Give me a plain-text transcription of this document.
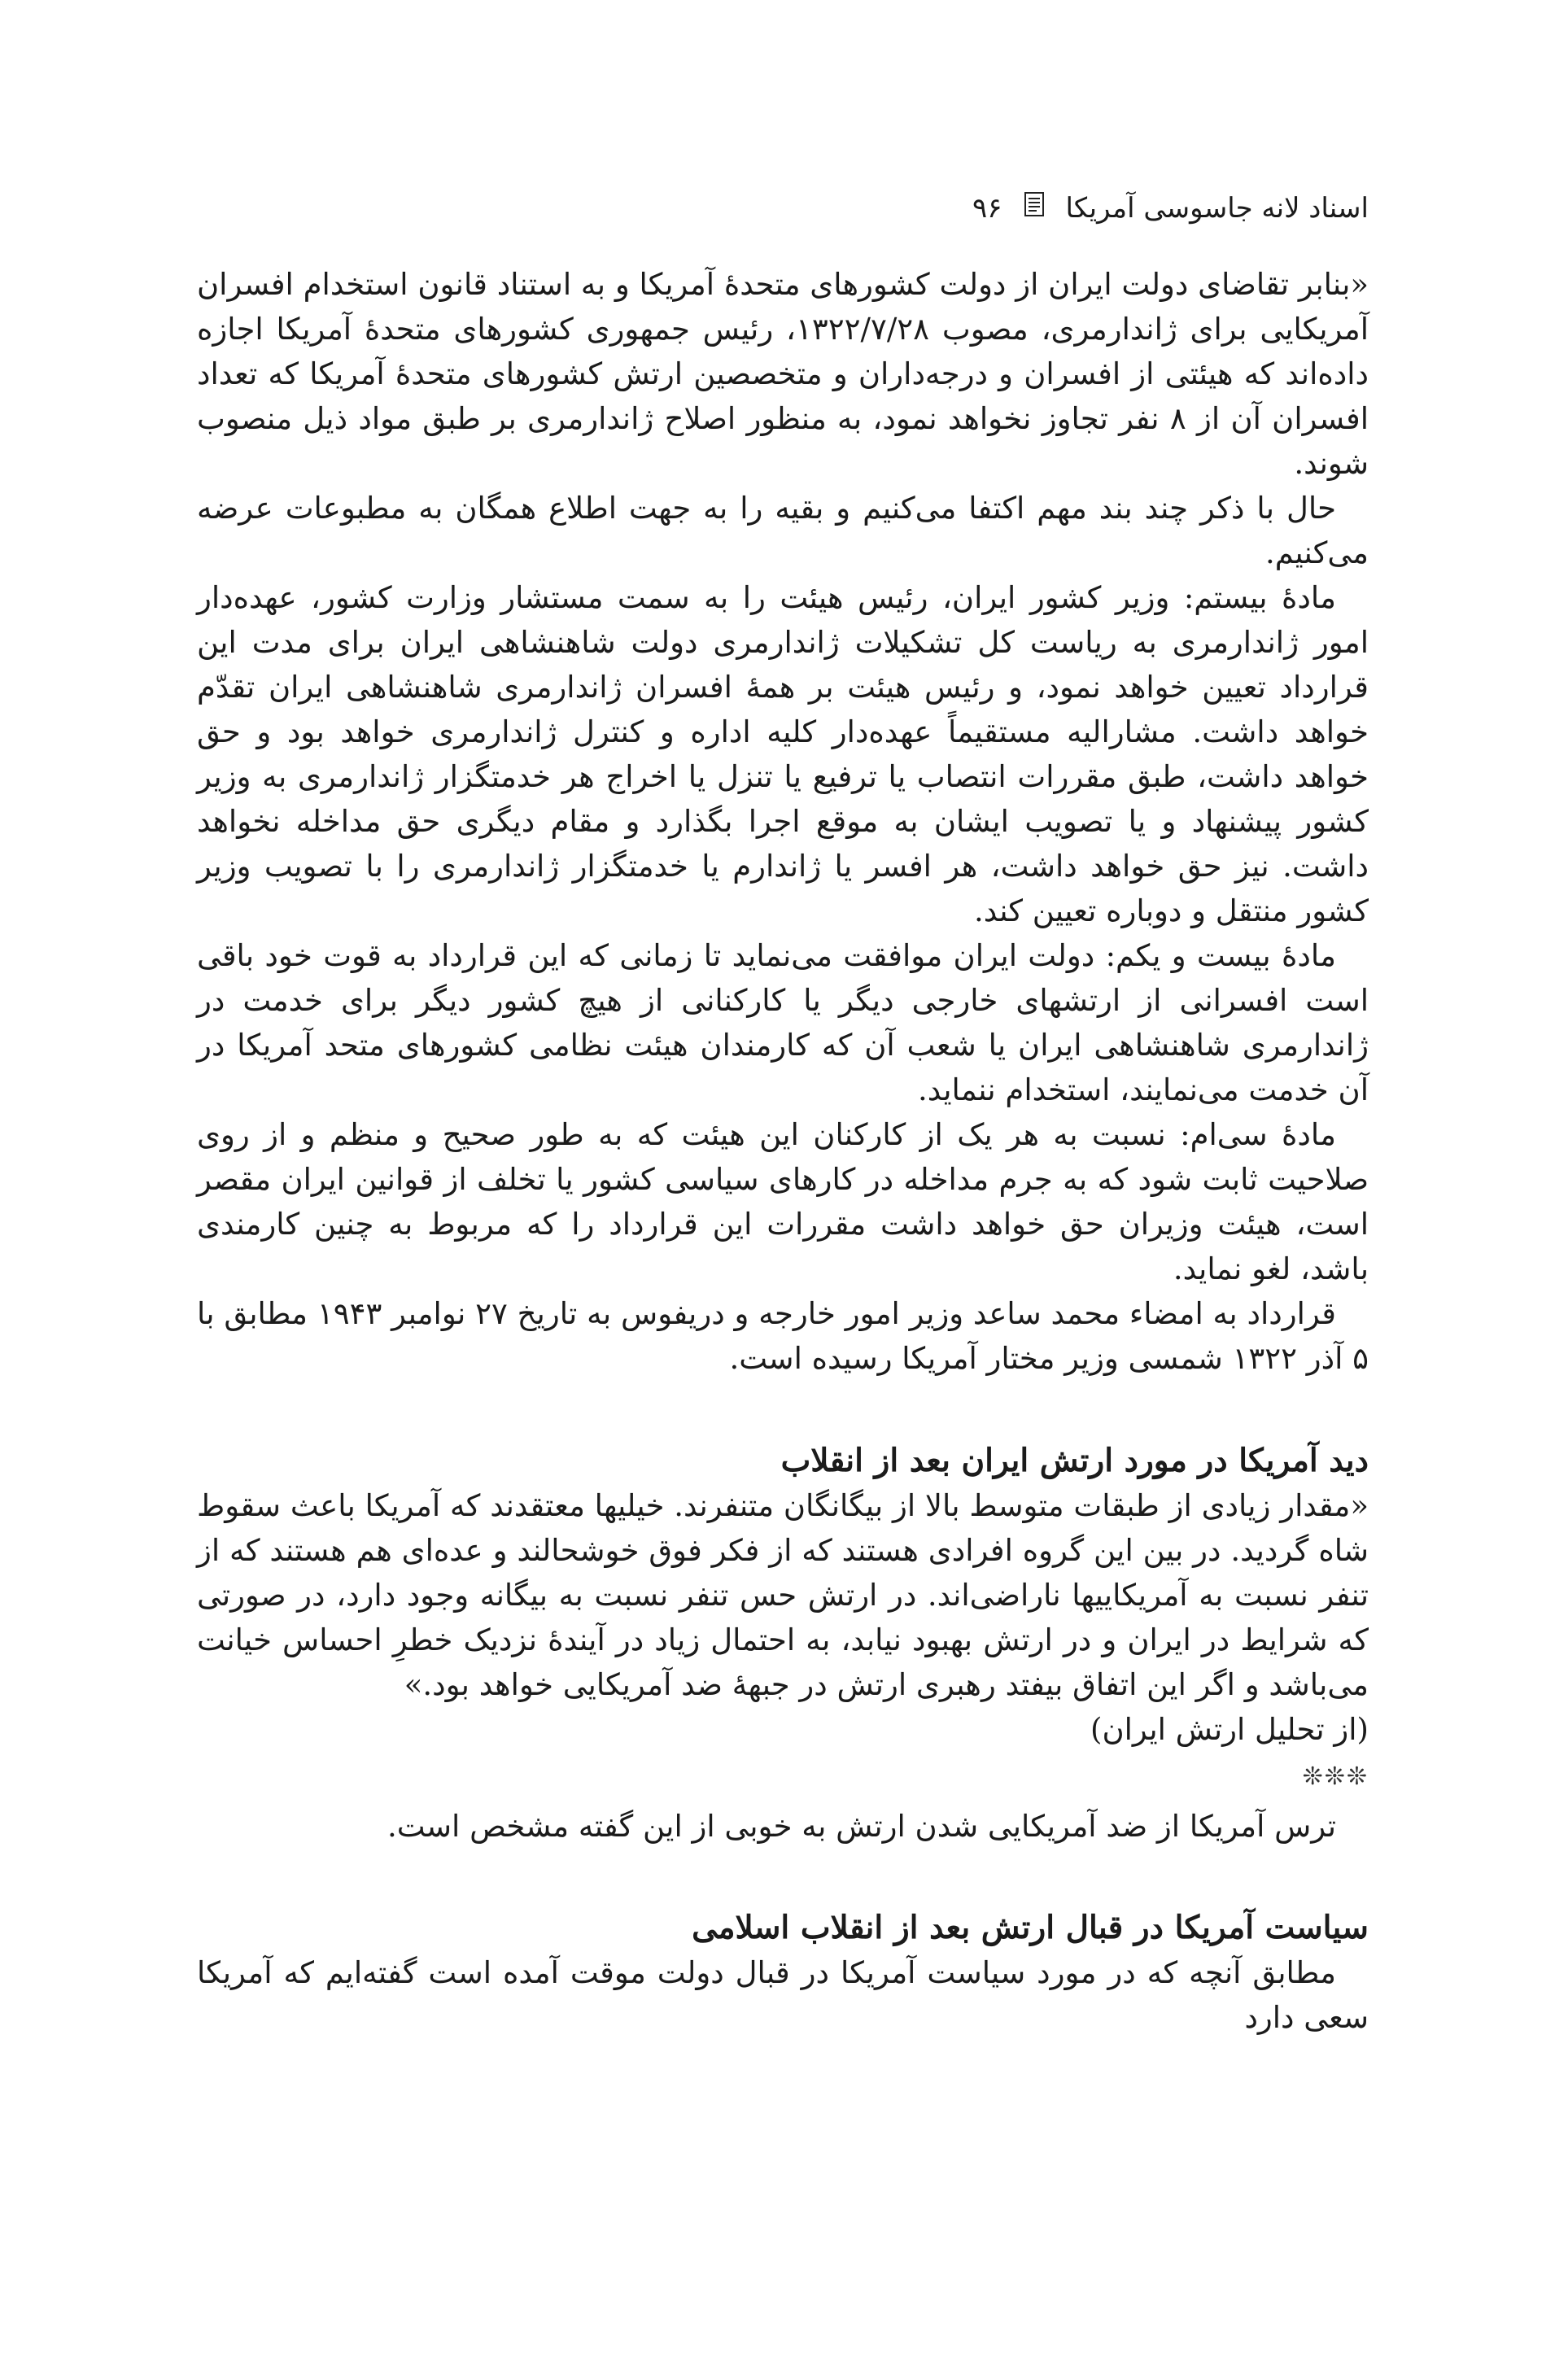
اسناد لانه جاسوسی آمریکا
۹۶

«بنابر تقاضای دولت ایران از دولت کشورهای متحدهٔ آمریکا و به استناد قانون استخدام افسران آمریکایی برای ژاندارمری، مصوب ۱۳۲۲/۷/۲۸، رئیس جمهوری کشورهای متحدهٔ آمریکا اجازه داده‌اند که هیئتی از افسران و درجه‌داران و متخصصین ارتش کشورهای متحدهٔ آمریکا که تعداد افسران آن از ۸ نفر تجاوز نخواهد نمود، به منظور اصلاح ژاندارمری بر طبق مواد ذیل منصوب شوند.

حال با ذکر چند بند مهم اکتفا می‌کنیم و بقیه را به جهت اطلاع همگان به مطبوعات عرضه می‌کنیم.

مادهٔ بیستم: وزیر کشور ایران، رئیس هیئت را به سمت مستشار وزارت کشور، عهده‌دار امور ژاندارمری به ریاست کل تشکیلات ژاندارمری دولت شاهنشاهی ایران برای مدت این قرارداد تعیین خواهد نمود، و رئیس هیئت بر همهٔ افسران ژاندارمری شاهنشاهی ایران تقدّم خواهد داشت. مشارالیه مستقیماً عهده‌دار کلیه اداره و کنترل ژاندارمری خواهد بود و حق خواهد داشت، طبق مقررات انتصاب یا ترفیع یا تنزل یا اخراج هر خدمتگزار ژاندارمری به وزیر کشور پیشنهاد و یا تصویب ایشان به موقع اجرا بگذارد و مقام دیگری حق مداخله نخواهد داشت. نیز حق خواهد داشت، هر افسر یا ژاندارم یا خدمتگزار ژاندارمری را با تصویب وزیر کشور منتقل و دوباره تعیین کند.

مادهٔ بیست و یکم: دولت ایران موافقت می‌نماید تا زمانی که این قرارداد به قوت خود باقی است افسرانی از ارتشهای خارجی دیگر یا کارکنانی از هیچ کشور دیگر برای خدمت در ژاندارمری شاهنشاهی ایران یا شعب آن که کارمندان هیئت نظامی کشورهای متحد آمریکا در آن خدمت می‌نمایند، استخدام ننماید.

مادهٔ سی‌ام: نسبت به هر یک از کارکنان این هیئت که به طور صحیح و منظم و از روی صلاحیت ثابت شود که به جرم مداخله در کارهای سیاسی کشور یا تخلف از قوانین ایران مقصر است، هیئت وزیران حق خواهد داشت مقررات این قرارداد را که مربوط به چنین کارمندی باشد، لغو نماید.

قرارداد به امضاء محمد ساعد وزیر امور خارجه و دریفوس به تاریخ ۲۷ نوامبر ۱۹۴۳ مطابق با ۵ آذر ۱۳۲۲ شمسی وزیر مختار آمریکا رسیده است.

دید آمریکا در مورد ارتش ایران بعد از انقلاب

«مقدار زیادی از طبقات متوسط بالا از بیگانگان متنفرند. خیلیها معتقدند که آمریکا باعث سقوط شاه گردید. در بین این گروه افرادی هستند که از فکر فوق خوشحالند و عده‌ای هم هستند که از تنفر نسبت به آمریکاییها ناراضی‌اند. در ارتش حس تنفر نسبت به بیگانه وجود دارد، در صورتی که شرایط در ایران و در ارتش بهبود نیابد، به احتمال زیاد در آیندهٔ نزدیک خطرِ احساس خیانت می‌باشد و اگر این اتفاق بیفتد رهبری ارتش در جبههٔ ضد آمریکایی خواهد بود.»

(از تحلیل ارتش ایران)

❊❊❊

ترس آمریکا از ضد آمریکایی شدن ارتش به خوبی از این گفته مشخص است.

سیاست آمریکا در قبال ارتش بعد از انقلاب اسلامی

مطابق آنچه که در مورد سیاست آمریکا در قبال دولت موقت آمده است گفته‌ایم که آمریکا سعی دارد
